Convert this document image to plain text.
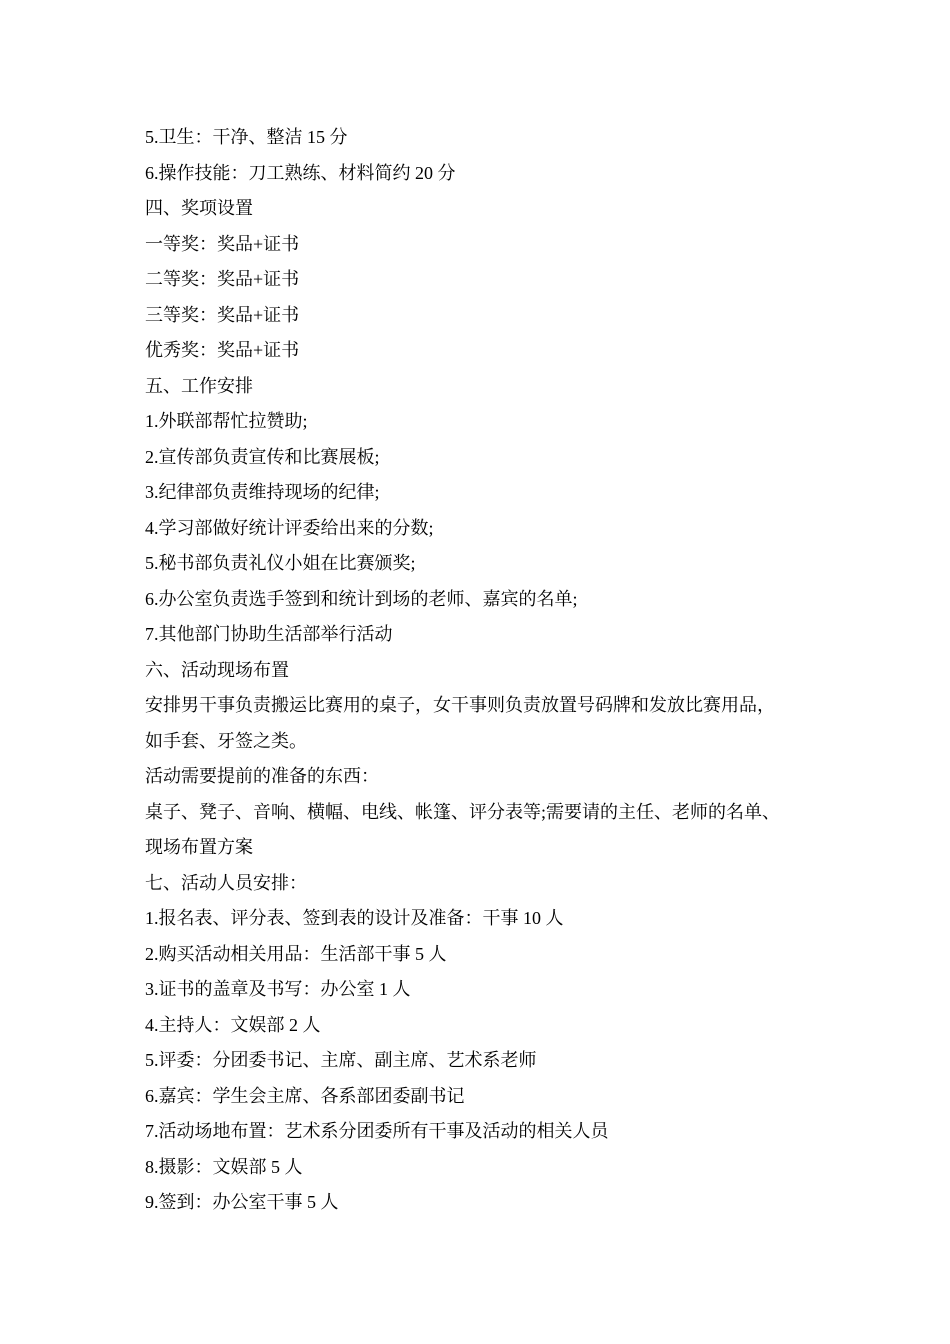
5.卫生：干净、整洁 15 分
6.操作技能：刀工熟练、材料简约 20 分
四、奖项设置
一等奖：奖品+证书
二等奖：奖品+证书
三等奖：奖品+证书
优秀奖：奖品+证书
五、工作安排
1.外联部帮忙拉赞助;
2.宣传部负责宣传和比赛展板;
3.纪律部负责维持现场的纪律;
4.学习部做好统计评委给出来的分数;
5.秘书部负责礼仪小姐在比赛颁奖;
6.办公室负责选手签到和统计到场的老师、嘉宾的名单;
7.其他部门协助生活部举行活动
六、活动现场布置
安排男干事负责搬运比赛用的桌子，女干事则负责放置号码牌和发放比赛用品，
如手套、牙签之类。
活动需要提前的准备的东西：
桌子、凳子、音响、横幅、电线、帐篷、评分表等;需要请的主任、老师的名单、
现场布置方案
七、活动人员安排：
1.报名表、评分表、签到表的设计及准备：干事 10 人
2.购买活动相关用品：生活部干事 5 人
3.证书的盖章及书写：办公室 1 人
4.主持人：文娱部 2 人
5.评委：分团委书记、主席、副主席、艺术系老师
6.嘉宾：学生会主席、各系部团委副书记
7.活动场地布置：艺术系分团委所有干事及活动的相关人员
8.摄影：文娱部 5 人
9.签到：办公室干事 5 人
